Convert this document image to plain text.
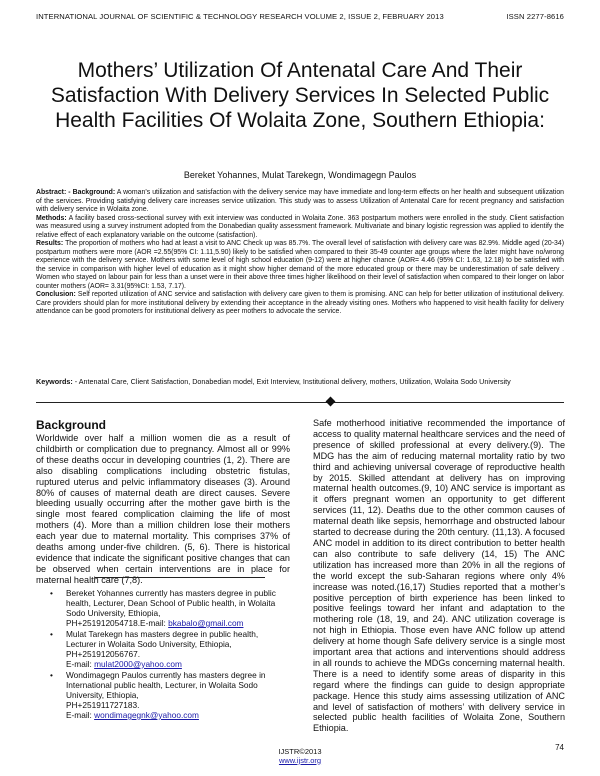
INTERNATIONAL JOURNAL OF SCIENTIFIC & TECHNOLOGY RESEARCH VOLUME 2, ISSUE 2, FEBRUARY 2013	ISSN 2277-8616
Mothers’ Utilization Of Antenatal Care And Their Satisfaction With Delivery Services In Selected Public Health Facilities Of Wolaita Zone, Southern Ethiopia:
Bereket Yohannes, Mulat Tarekegn, Wondimagegn Paulos

Abstract: - Background: A woman’s utilization and satisfaction with the delivery service may have immediate and long-term effects on her health and subsequent utilization of the services. Providing satisfying delivery care increases service utilization. This study was to assess Utilization of Antenatal Care for recent pregnancy and satisfaction with delivery service in Wolaita zone.

Methods: A facility based cross-sectional survey with exit interview was conducted in Wolaita Zone. 363 postpartum mothers were enrolled in the study. Client satisfaction was measured using a survey instrument adopted from the Donabedian quality assessment framework. Multivariate and binary logistic regression was applied to identify the relative effect of each explanatory variable on the outcome (satisfaction).

Results: The proportion of mothers who had at least a visit to ANC Check up was 85.7%. The overall level of satisfaction with delivery care was 82.9%. Middle aged (20-34) postpartum mothers were more (AOR =2.55(95% CI: 1.11,5.90) likely to be satisfied when compared to their 35-49 counter age groups where the later might have no/wrong experience with the delivery service. Mothers with some level of high school education (9-12) were at higher chance (AOR= 4.46 (95% CI: 1.63, 12.18) to be satisfied with the service in comparison with higher level of education as it might show higher demand of the more educated group or there may be underestimation of safe delivery . Women who stayed on labour pain for less than a unset were in their above three times higher likelihood on their level of satisfaction when compared to their longer on labor counter mothers (AOR= 3.31(95%CI: 1.53, 7.17).

Conclusion: Self reported utilization of ANC service and satisfaction with delivery care given to them is promising. ANC can help for better utilization of institutional delivery. Care providers should plan for more institutional delivery by extending their acceptance in the already visiting ones. Mothers who happened to visit health facility for delivery attendance can be good promoters for institutional delivery as peer mothers to advocate the service.

Keywords: - Antenatal Care, Client Satisfaction, Donabedian model, Exit Interview, Institutional delivery, mothers, Utilization, Wolaita Sodo University
Background

Worldwide over half a million women die as a result of childbirth or complication due to pregnancy. Almost all or 99% of these deaths occur in developing countries (1, 2). There are also disabling complications including obstetric fistulas, ruptured uterus and pelvic inflammatory diseases (3). Around 80% of causes of maternal death are direct causes. Severe bleeding usually occurring after the mother gave birth is the single most feared complication claiming the life of most mothers (4). More than a million children lose their mothers each year due to maternal mortality. This comprises 37% of deaths among under-five children. (5, 6). There is historical evidence that indicate the significant positive changes that can be observed when certain interventions are in place for maternal health care (7,8).

• Bereket Yohannes currently has masters degree in public health, Lecturer, Dean School of Public health, in Wolaita Sodo University, Ethiopia,
PH+251912054718.E-mail: bkabalo@gmail.com
• Mulat Tarekegn has masters degree in public health, Lecturer in Wolaita Sodo University, Ethiopia,
PH+251912056767.
E-mail: mulat2000@yahoo.com
• Wondimagegn Paulos currently has masters degree in International public health, Lecturer, in Wolaita Sodo University, Ethiopia,
PH+251911727183.
E-mail: wondimagegnk@yahoo.com

Safe motherhood initiative recommended the importance of access to quality maternal healthcare services and the need of presence of skilled professional at every delivery.(9). The MDG has the aim of reducing maternal mortality ratio by two third and achieving universal coverage of reproductive health by 2015. Skilled attendant at delivery has on improving maternal health outcomes.(9, 10) ANC service is important as it offers pregnant women an opportunity to get different services (11, 12). Deaths due to the other common causes of maternal death like sepsis, hemorrhage and obstructed labour started to decrease during the 20th century. (11,13). A focused ANC model in addition to its direct contribution to better health can also contribute to safe delivery (14, 15) The ANC utilization has increased more than 20% in all the regions of the world except the sub-Saharan regions where only 4% increase was noted.(16,17) Studies reported that a mother’s positive perception of birth experience has been linked to positive feelings toward her infant and adaptation to the mothering role (18, 19, and 24). ANC utilization coverage is not high in Ethiopia. Those even have ANC follow up attend delivery at home though Safe delivery service is a single most important area that actions and interventions should address in all rounds to achieve the MDGs concerning maternal health. There is a need to identify some areas of disparity in this regard where the findings can guide to design appropriate package. Hence this study aims assessing utilization of ANC and level of satisfaction of mothers’ with delivery service in selected public health facilities of Wolaita Zone, Southern Ethiopia.

74
IJSTR©2013
www.ijstr.org
